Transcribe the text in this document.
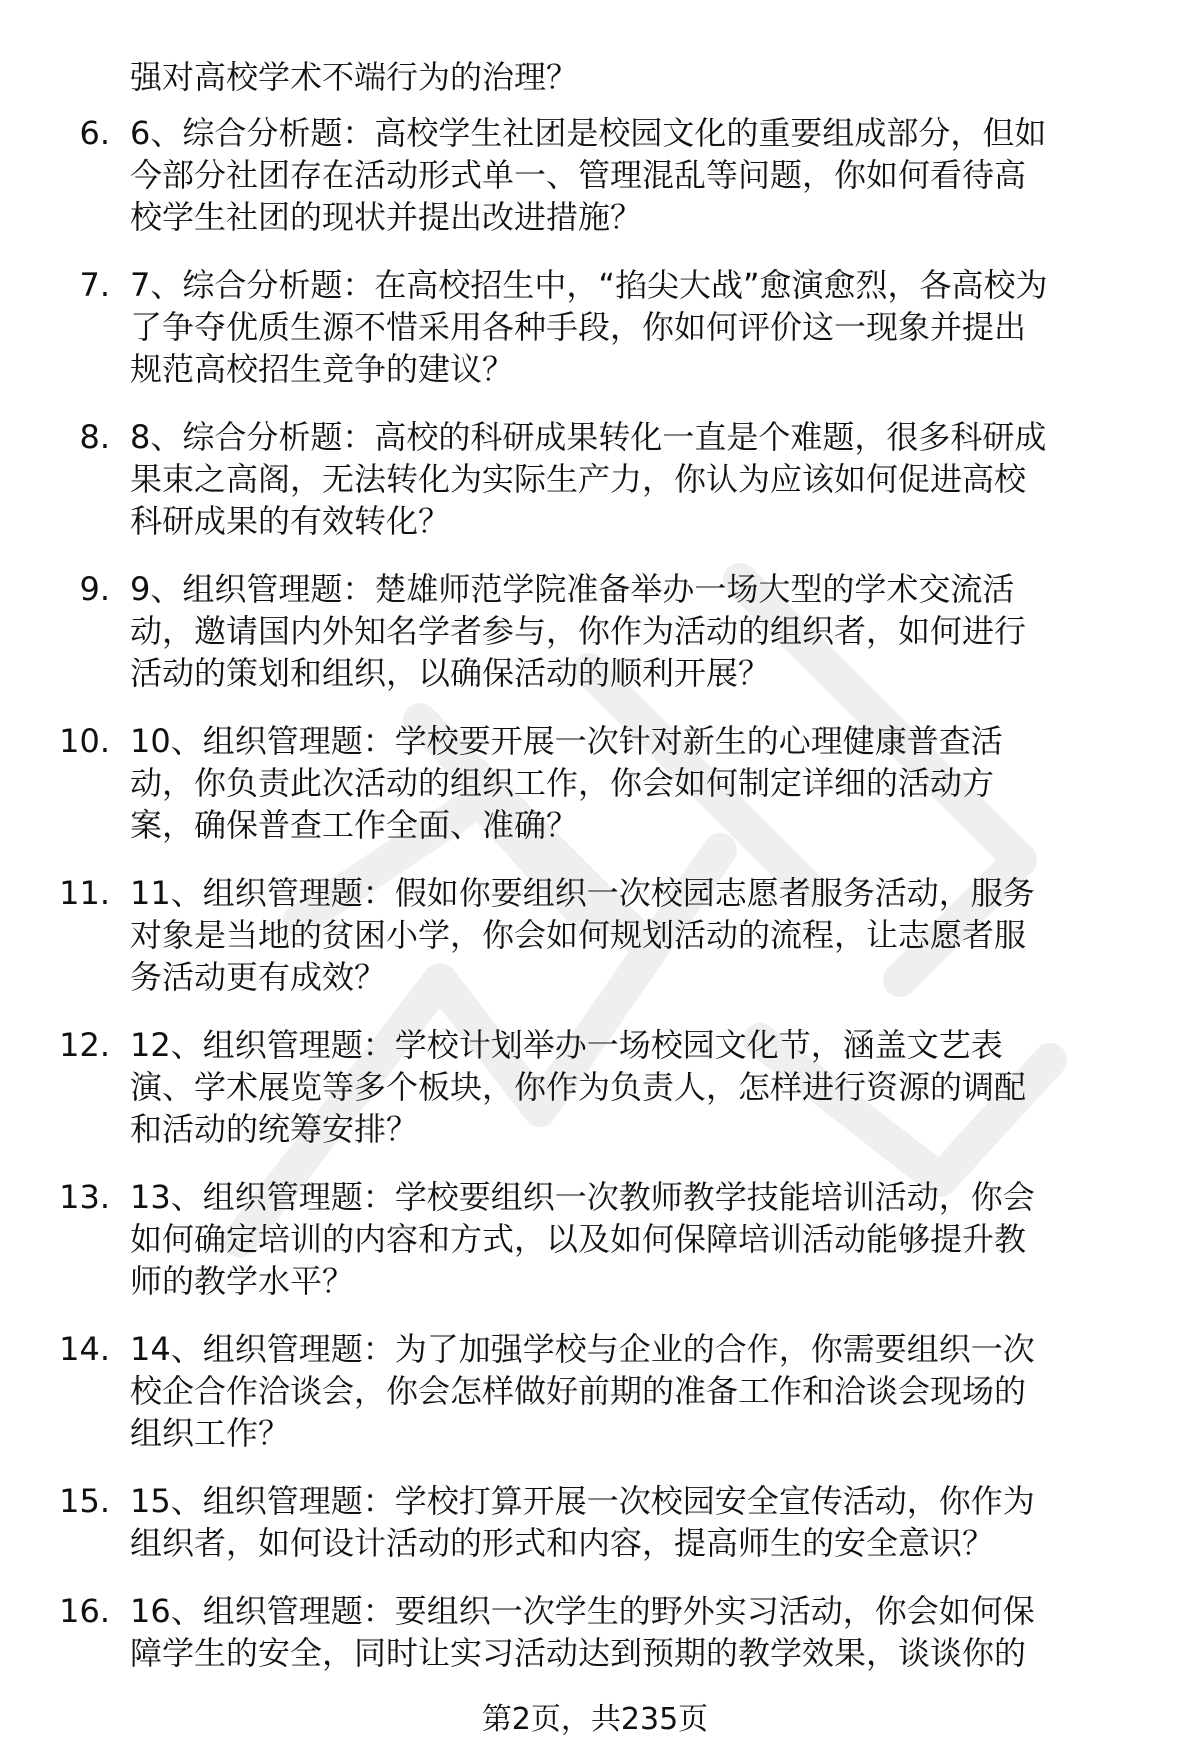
强对高校学术不端行为的治理？
6. 6、综合分析题：高校学生社团是校园文化的重要组成部分，但如
今部分社团存在活动形式单一、管理混乱等问题，你如何看待高
校学生社团的现状并提出改进措施？
7. 7、综合分析题：在高校招生中，“掐尖大战”愈演愈烈，各高校为
了争夺优质生源不惜采用各种手段，你如何评价这一现象并提出
规范高校招生竞争的建议？
8. 8、综合分析题：高校的科研成果转化一直是个难题，很多科研成
果束之高阁，无法转化为实际生产力，你认为应该如何促进高校
科研成果的有效转化？
9. 9、组织管理题：楚雄师范学院准备举办一场大型的学术交流活
动，邀请国内外知名学者参与，你作为活动的组织者，如何进行
活动的策划和组织，以确保活动的顺利开展？
10. 10、组织管理题：学校要开展一次针对新生的心理健康普查活
动，你负责此次活动的组织工作，你会如何制定详细的活动方
案，确保普查工作全面、准确？
11. 11、组织管理题：假如你要组织一次校园志愿者服务活动，服务
对象是当地的贫困小学，你会如何规划活动的流程，让志愿者服
务活动更有成效？
12. 12、组织管理题：学校计划举办一场校园文化节，涵盖文艺表
演、学术展览等多个板块，你作为负责人，怎样进行资源的调配
和活动的统筹安排？
13. 13、组织管理题：学校要组织一次教师教学技能培训活动，你会
如何确定培训的内容和方式，以及如何保障培训活动能够提升教
师的教学水平？
14. 14、组织管理题：为了加强学校与企业的合作，你需要组织一次
校企合作洽谈会，你会怎样做好前期的准备工作和洽谈会现场的
组织工作？
15. 15、组织管理题：学校打算开展一次校园安全宣传活动，你作为
组织者，如何设计活动的形式和内容，提高师生的安全意识？
16. 16、组织管理题：要组织一次学生的野外实习活动，你会如何保
障学生的安全，同时让实习活动达到预期的教学效果，谈谈你的
第2页，共235页
